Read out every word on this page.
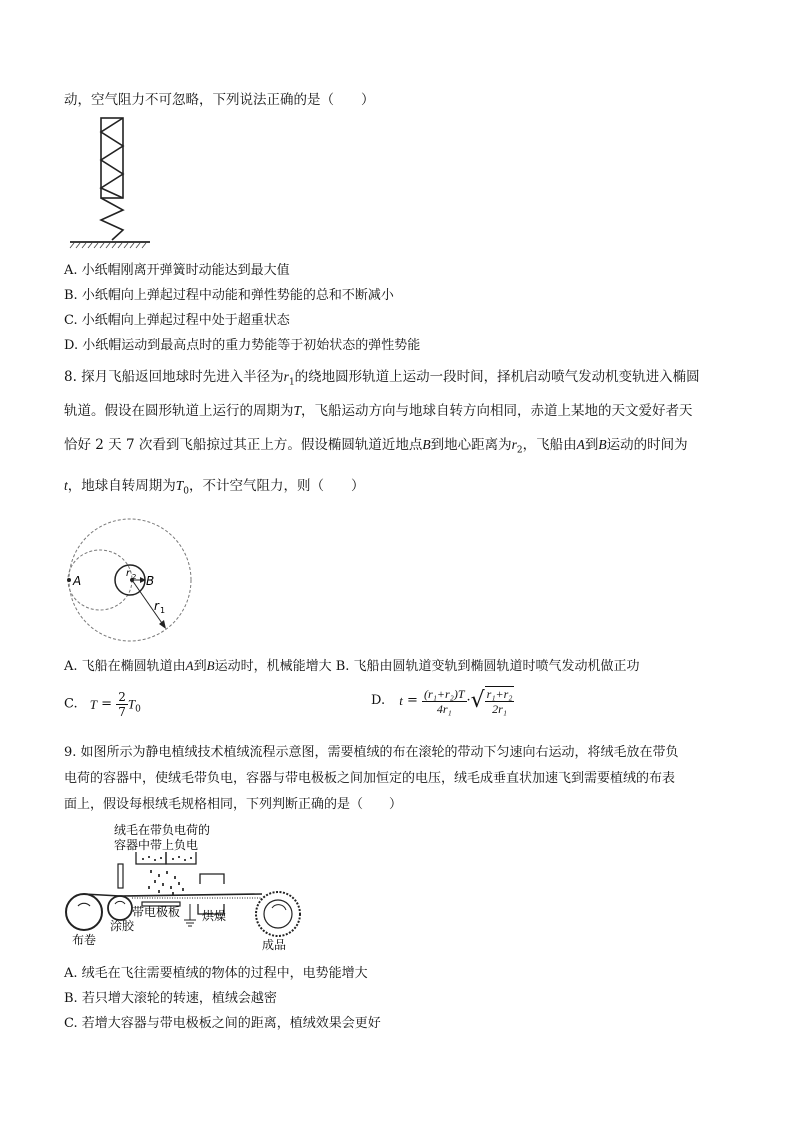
动，空气阻力不可忽略，下列说法正确的是（　　）
A. 小纸帽刚离开弹簧时动能达到最大值
B. 小纸帽向上弹起过程中动能和弹性势能的总和不断减小
C. 小纸帽向上弹起过程中处于超重状态
D. 小纸帽运动到最高点时的重力势能等于初始状态的弹性势能
8. 探月飞船返回地球时先进入半径为$r_1$的绕地圆形轨道上运动一段时间，择机启动喷气发动机变轨进入椭圆
轨道。假设在圆形轨道上运行的周期为T，飞船运动方向与地球自转方向相同，赤道上某地的天文爱好者天
恰好 2 天 7 次看到飞船掠过其正上方。假设椭圆轨道近地点B到地心距离为$r_2$，飞船由A到B运动的时间为
t，地球自转周期为$T_0$，不计空气阻力，则（　　）
A	B
r 2
r 1
A. 飞船在椭圆轨道由A到B运动时，机械能增大 B. 飞船由圆轨道变轨到椭圆轨道时喷气发动机做正功
C. $T = \frac{2}{7} T_0$
D. $t = \frac{\text{(r₁+r₂)T}}{\text{4r₁}}$ ·√ $\frac{\text{r₁+r₂}}{\text{2r₁}}$
9. 如图所示为静电植绒技术植绒流程示意图，需要植绒的布在滚轮的带动下匀速向右运动，将绒毛放在带负
电荷的容器中，使绒毛带负电，容器与带电极板之间加恒定的电压，绒毛成垂直状加速飞到需要植绒的布表
面上，假设每根绒毛规格相同，下列判断正确的是（　　）
绒毛在带负电荷的
容器中带上负电
带电极板 烘燥
布卷
涂胶
成品
A. 绒毛在飞往需要植绒的物体的过程中，电势能增大
B. 若只增大滚轮的转速，植绒会越密
C. 若增大容器与带电极板之间的距离，植绒效果会更好
